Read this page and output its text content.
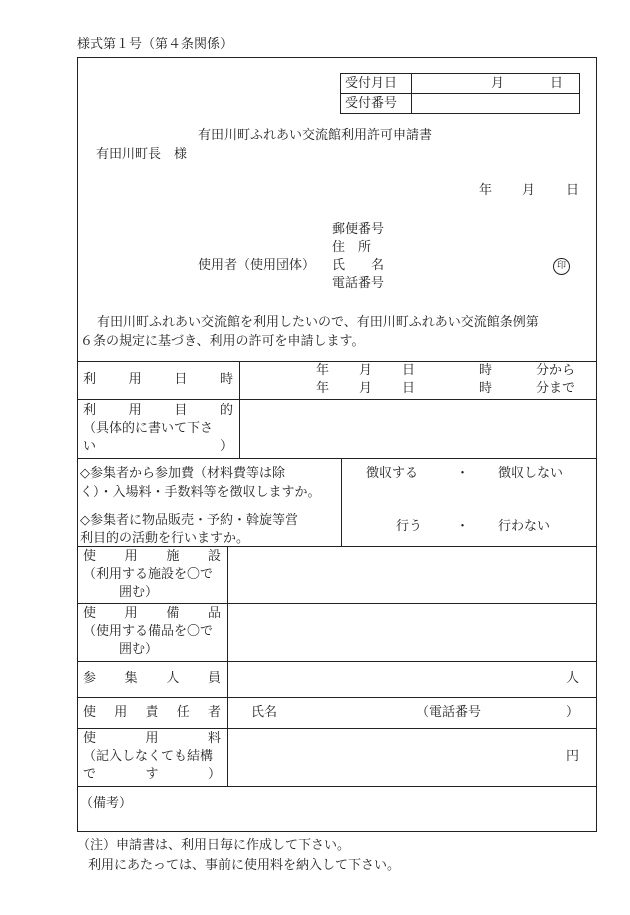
様式第１号（第４条関係）
受付月日	月	日
受付番号
有田川町ふれあい交流館利用許可申請書
有田川町長　様
年 月 日
郵便番号
住　所
使用者（使用団体） 氏　　名	印
電話番号
有田川町ふれあい交流館を利用したいので、有田川町ふれあい交流館条例第
６条の規定に基づき、利用の許可を申請します。
利	用	日	時
年 月 日	時	分から
年 月 日	時	分まで
利	用	目	的
（具体的に書いて下さ
い	）
◇参集者から参加費（材料費等は除
く）・入場料・手数料等を徴収しますか。
徴収する	・ 徴収しない
◇参集者に物品販売・予約・斡旋等営
利目的の活動を行いますか。
行う	・ 行わない
使 用 施 設
（利用する施設を〇で
囲む）
使 用 備 品
（使用する備品を〇で
囲む）
参 集 人 員	人
使 用 責 任 者 氏名	（電話番号	）
使	用	料
（記入しなくても結構
で	す	）
円
（備考）
（注）申請書は、利用日毎に作成して下さい。
利用にあたっては、事前に使用料を納入して下さい。
